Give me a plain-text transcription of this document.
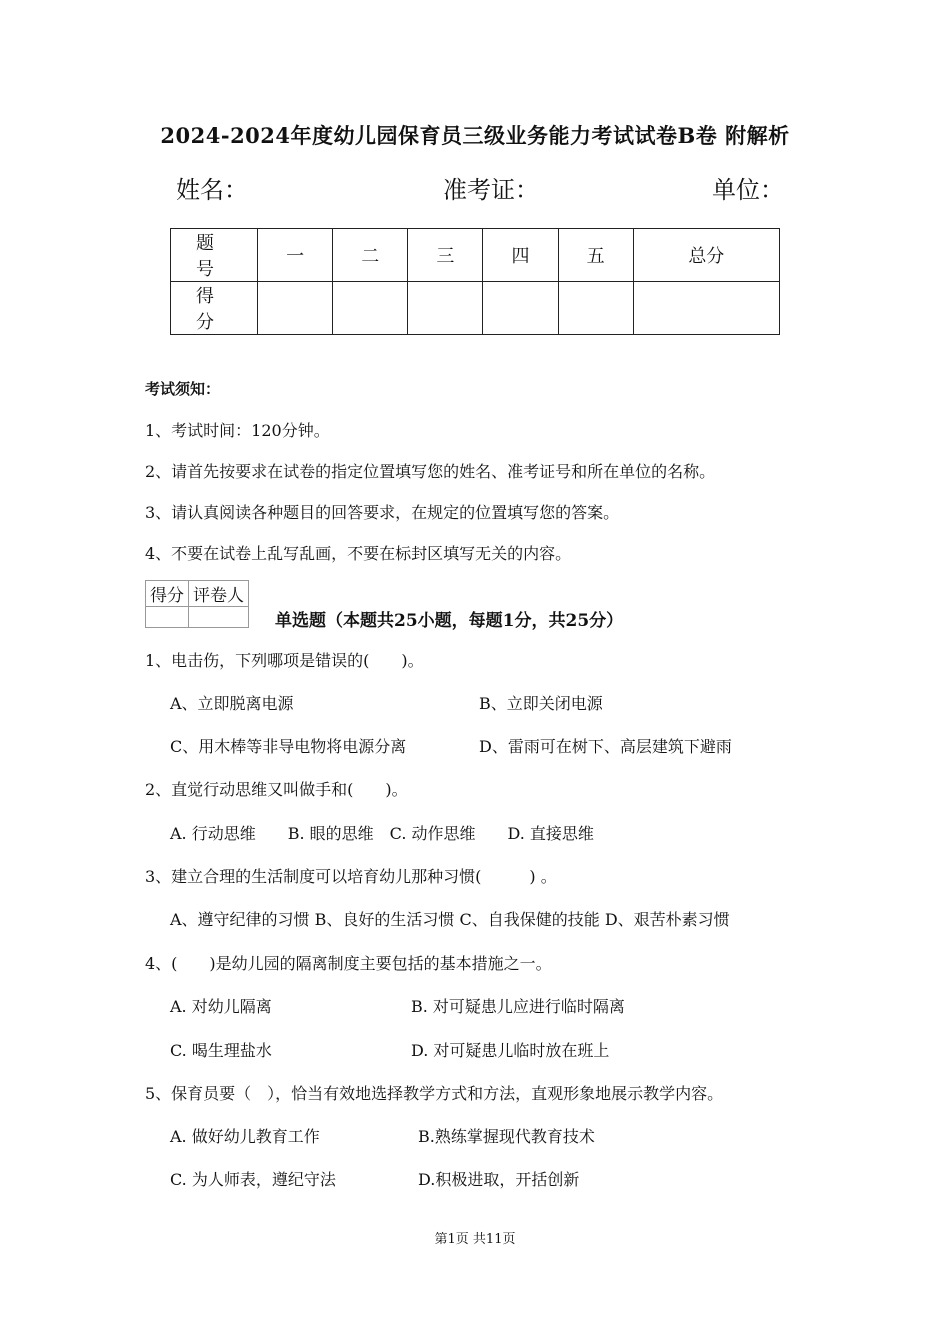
2024-2024年度幼儿园保育员三级业务能力考试试卷B卷 附解析
姓名：	准考证：	单位：
题 号	一	二	三	四	五	总分
得 分						
考试须知：
1、考试时间：120分钟。
2、请首先按要求在试卷的指定位置填写您的姓名、准考证号和所在单位的名称。
3、请认真阅读各种题目的回答要求，在规定的位置填写您的答案。
4、不要在试卷上乱写乱画，不要在标封区填写无关的内容。
得分	评卷人

单选题（本题共25小题，每题1分，共25分）
1、电击伤，下列哪项是错误的(　　)。
A、立即脱离电源	B、立即关闭电源
C、用木棒等非导电物将电源分离	D、雷雨可在树下、高层建筑下避雨
2、直觉行动思维又叫做手和(　　)。
A. 行动思维　　B. 眼的思维　C. 动作思维　　D. 直接思维
3、建立合理的生活制度可以培育幼儿那种习惯(　　　) 。
A、遵守纪律的习惯 B、良好的生活习惯 C、自我保健的技能 D、艰苦朴素习惯
4、(　　)是幼儿园的隔离制度主要包括的基本措施之一。
A. 对幼儿隔离	B. 对可疑患儿应进行临时隔离
C. 喝生理盐水	D. 对可疑患儿临时放在班上
5、保育员要（　），恰当有效地选择教学方式和方法，直观形象地展示教学内容。
A. 做好幼儿教育工作	B.熟练掌握现代教育技术
C. 为人师表，遵纪守法	D.积极进取，开括创新
第1页 共11页
